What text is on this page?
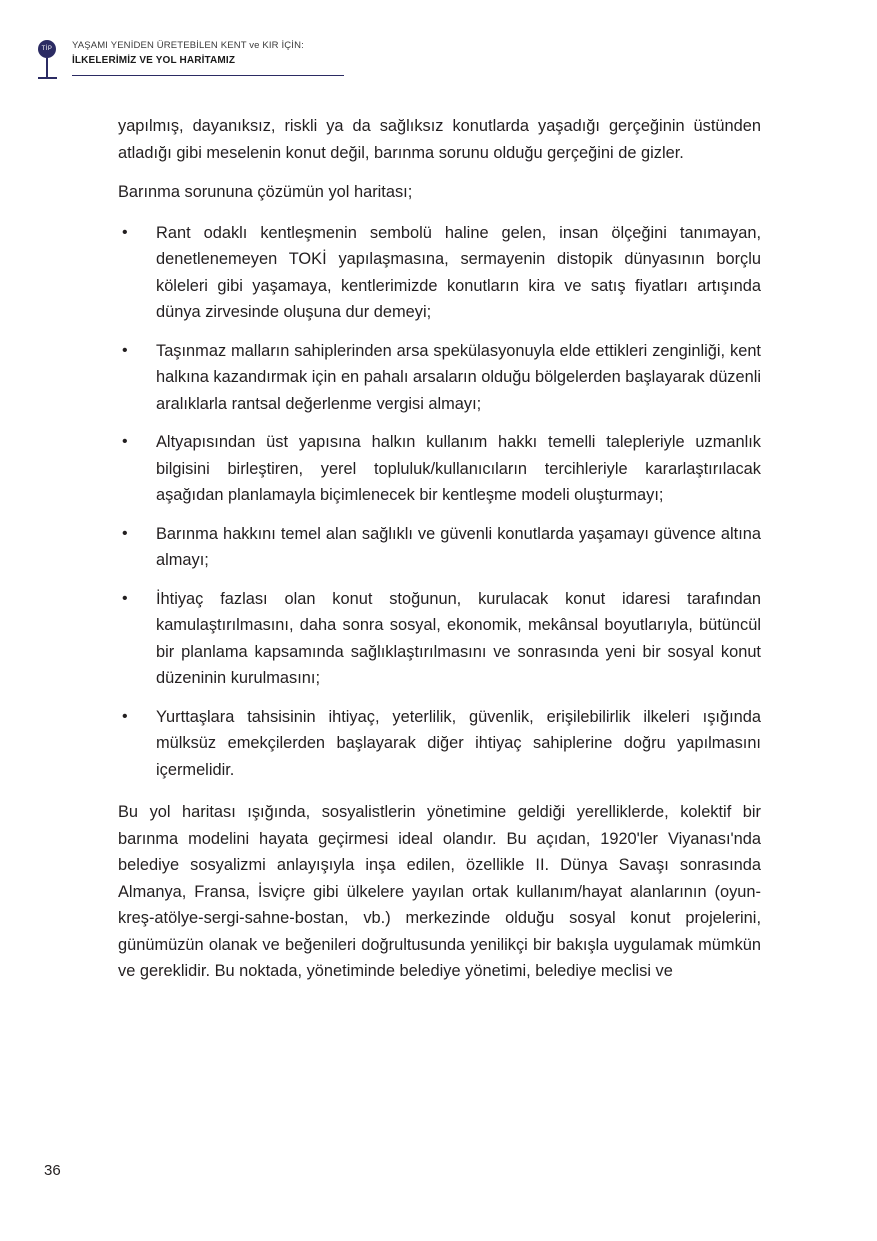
TİP	YAŞAMI YENİDEN ÜRETEBİLEN KENT ve KIR İÇİN:
İLKELERİMİZ VE YOL HARİTAMIZ

yapılmış, dayanıksız, riskli ya da sağlıksız konutlarda yaşadığı gerçeğinin üstünden atladığı gibi meselenin konut değil, barınma sorunu olduğu gerçeğini de gizler.

Barınma sorununa çözümün yol haritası;

• Rant odaklı kentleşmenin sembolü haline gelen, insan ölçeğini tanımayan, denetlenemeyen TOKİ yapılaşmasına, sermayenin distopik dünyasının borçlu köleleri gibi yaşamaya, kentlerimizde konutların kira ve satış fiyatları artışında dünya zirvesinde oluşuna dur demeyi;
• Taşınmaz malların sahiplerinden arsa spekülasyonuyla elde ettikleri zenginliği, kent halkına kazandırmak için en pahalı arsaların olduğu bölgelerden başlayarak düzenli aralıklarla rantsal değerlenme vergisi almayı;
• Altyapısından üst yapısına halkın kullanım hakkı temelli talepleriyle uzmanlık bilgisini birleştiren, yerel topluluk/kullanıcıların tercihleriyle kararlaştırılacak aşağıdan planlamayla biçimlenecek bir kentleşme modeli oluşturmayı;
• Barınma hakkını temel alan sağlıklı ve güvenli konutlarda yaşamayı güvence altına almayı;
• İhtiyaç fazlası olan konut stoğunun, kurulacak konut idaresi tarafından kamulaştırılmasını, daha sonra sosyal, ekonomik, mekânsal boyutlarıyla, bütüncül bir planlama kapsamında sağlıklaştırılmasını ve sonrasında yeni bir sosyal konut düzeninin kurulmasını;
• Yurttaşlara tahsisinin ihtiyaç, yeterlilik, güvenlik, erişilebilirlik ilkeleri ışığında mülksüz emekçilerden başlayarak diğer ihtiyaç sahiplerine doğru yapılmasını içermelidir.

Bu yol haritası ışığında, sosyalistlerin yönetimine geldiği yerelliklerde, kolektif bir barınma modelini hayata geçirmesi ideal olandır. Bu açıdan, 1920'ler Viyanası'nda belediye sosyalizmi anlayışıyla inşa edilen, özellikle II. Dünya Savaşı sonrasında Almanya, Fransa, İsviçre gibi ülkelere yayılan ortak kullanım/hayat alanlarının (oyun-kreş-atölye-sergi-sahne-bostan, vb.) merkezinde olduğu sosyal konut projelerini, günümüzün olanak ve beğenileri doğrultusunda yenilikçi bir bakışla uygulamak mümkün ve gereklidir. Bu noktada, yönetiminde belediye yönetimi, belediye meclisi ve

36
